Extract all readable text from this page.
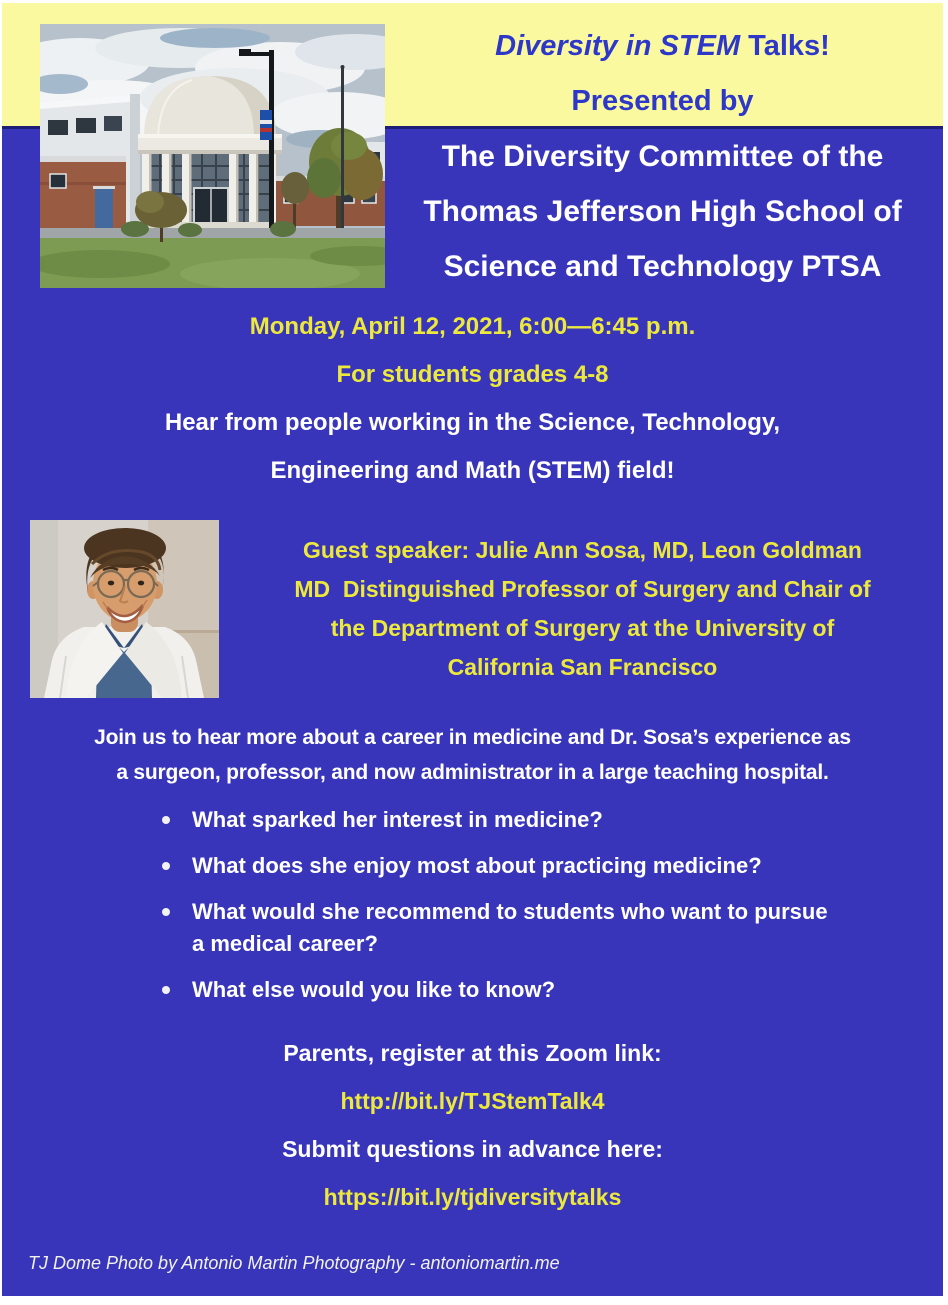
Diversity in STEM Talks!
Presented by
The Diversity Committee of the
Thomas Jefferson High School of
Science and Technology PTSA
Monday, April 12, 2021, 6:00—6:45 p.m.
For students grades 4-8
Hear from people working in the Science, Technology,
Engineering and Math (STEM) field!
Guest speaker: Julie Ann Sosa, MD, Leon Goldman
MD  Distinguished Professor of Surgery and Chair of
the Department of Surgery at the University of
California San Francisco
Join us to hear more about a career in medicine and Dr. Sosa’s experience as
a surgeon, professor, and now administrator in a large teaching hospital.
What sparked her interest in medicine?
What does she enjoy most about practicing medicine?
What would she recommend to students who want to pursue
a medical career?
What else would you like to know?
Parents, register at this Zoom link:
http://bit.ly/TJStemTalk4
Submit questions in advance here:
https://bit.ly/tjdiversitytalks
TJ Dome Photo by Antonio Martin Photography - antoniomartin.me
